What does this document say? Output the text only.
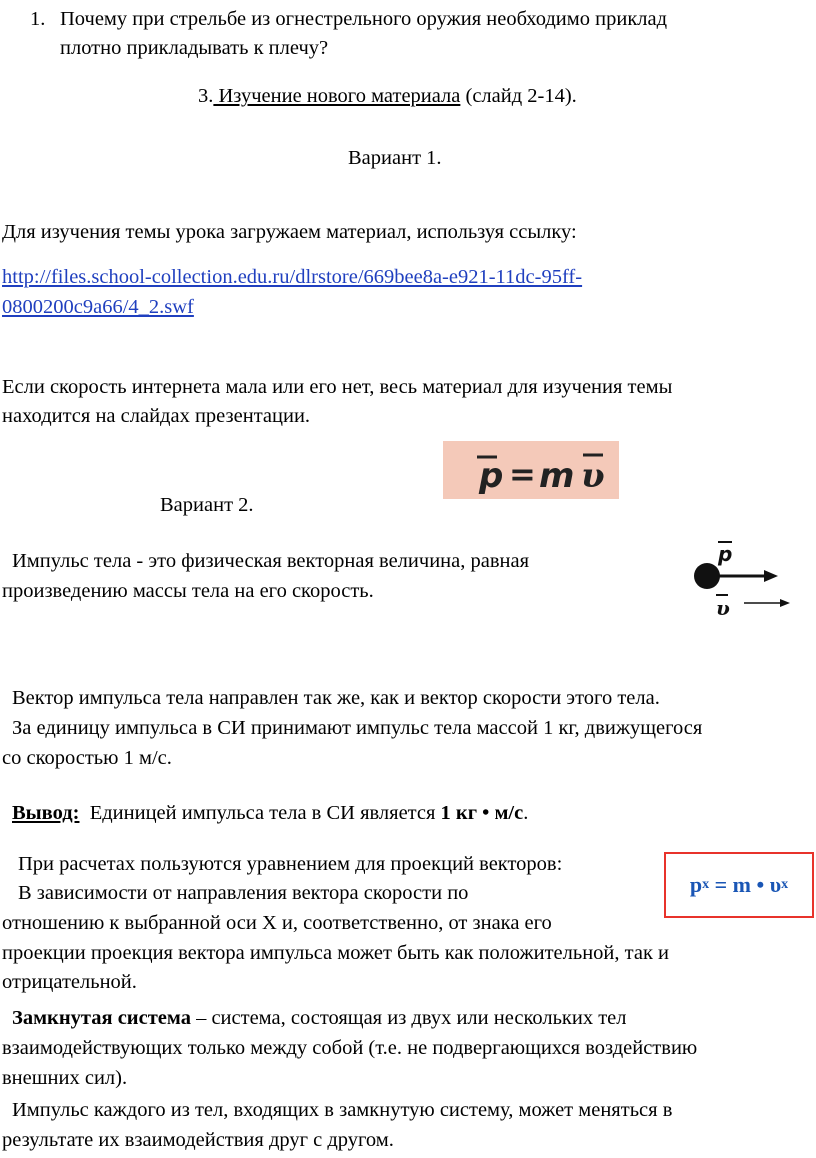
1. Почему при стрельбе из огнестрельного оружия необходимо приклад
плотно прикладывать к плечу?
3. Изучение нового материала (слайд 2-14).
Вариант 1.
Для изучения темы урока загружаем материал, используя ссылку:
http://files.school-collection.edu.ru/dlrstore/669bee8a-e921-11dc-95ff-
0800200c9a66/4_2.swf
Если скорость интернета мала или его нет, весь материал для изучения темы
находится на слайдах презентации.
p = m υ
Вариант 2.
Импульс тела - это физическая векторная величина, равная
произведению массы тела на его скорость.
p
υ
Вектор импульса тела направлен так же, как и вектор скорости этого тела.
За единицу импульса в СИ принимают импульс тела массой 1 кг, движущегося
со скоростью 1 м/с.
Вывод:  Единицей импульса тела в СИ является 1 кг • м/с.
При расчетах пользуются уравнением для проекций векторов:
В зависимости от направления вектора скорости по
отношению к выбранной оси Х и, соответственно, от знака его
проекции проекция вектора импульса может быть как положительной, так и
отрицательной.
p x = m • υ x
Замкнутая система – система, состоящая из двух или нескольких тел
взаимодействующих только между собой (т.е. не подвергающихся воздействию
внешних сил).
Импульс каждого из тел, входящих в замкнутую систему, может меняться в
результате их взаимодействия друг с другом.
